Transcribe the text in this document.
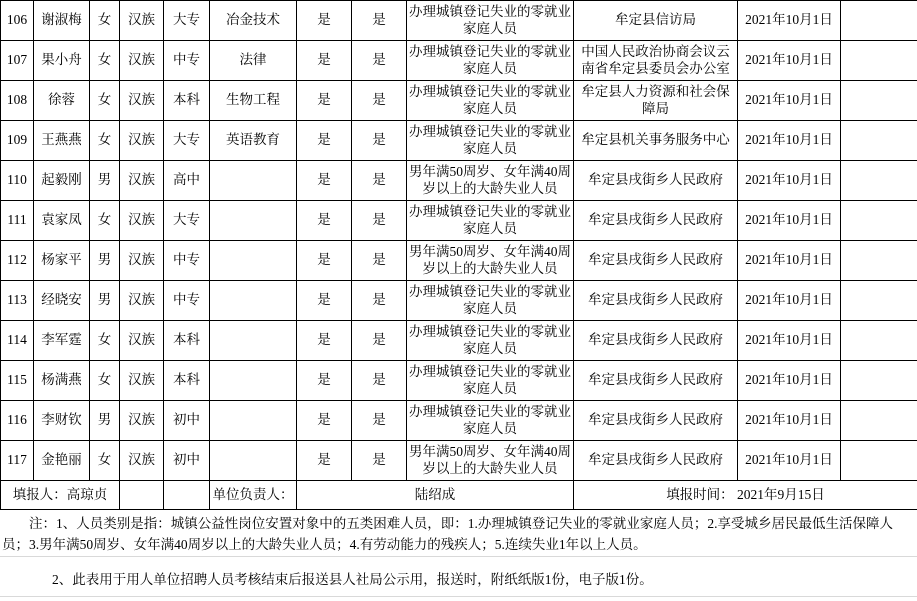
106	谢淑梅	女	汉族	大专	冶金技术	是	是	办理城镇登记失业的零就业家庭人员	牟定县信访局	2021年10月1日	
107	果小舟	女	汉族	中专	法律	是	是	办理城镇登记失业的零就业家庭人员	中国人民政治协商会议云南省牟定县委员会办公室	2021年10月1日	
108	徐蓉	女	汉族	本科	生物工程	是	是	办理城镇登记失业的零就业家庭人员	牟定县人力资源和社会保障局	2021年10月1日	
109	王燕燕	女	汉族	大专	英语教育	是	是	办理城镇登记失业的零就业家庭人员	牟定县机关事务服务中心	2021年10月1日	
110	起毅刚	男	汉族	高中		是	是	男年满50周岁、女年满40周岁以上的大龄失业人员	牟定县戌街乡人民政府	2021年10月1日	
111	袁家凤	女	汉族	大专		是	是	办理城镇登记失业的零就业家庭人员	牟定县戌街乡人民政府	2021年10月1日	
112	杨家平	男	汉族	中专		是	是	男年满50周岁、女年满40周岁以上的大龄失业人员	牟定县戌街乡人民政府	2021年10月1日	
113	经晓安	男	汉族	中专		是	是	办理城镇登记失业的零就业家庭人员	牟定县戌街乡人民政府	2021年10月1日	
114	李军霆	女	汉族	本科		是	是	办理城镇登记失业的零就业家庭人员	牟定县戌街乡人民政府	2021年10月1日	
115	杨满燕	女	汉族	本科		是	是	办理城镇登记失业的零就业家庭人员	牟定县戌街乡人民政府	2021年10月1日	
116	李财钦	男	汉族	初中		是	是	办理城镇登记失业的零就业家庭人员	牟定县戌街乡人民政府	2021年10月1日	
117	金艳丽	女	汉族	初中		是	是	男年满50周岁、女年满40周岁以上的大龄失业人员	牟定县戌街乡人民政府	2021年10月1日	
填报人：高琼贞					单位负责人：	陆绍成			填报时间： 2021年9月15日		
注：1、人员类别是指：城镇公益性岗位安置对象中的五类困难人员，即：1.办理城镇登记失业的零就业家庭人员；2.享受城乡居民最低生活保障人员；3.男年满50周岁、女年满40周岁以上的大龄失业人员；4.有劳动能力的残疾人；5.连续失业1年以上人员。
2、此表用于用人单位招聘人员考核结束后报送县人社局公示用，报送时，附纸纸版1份，电子版1份。
